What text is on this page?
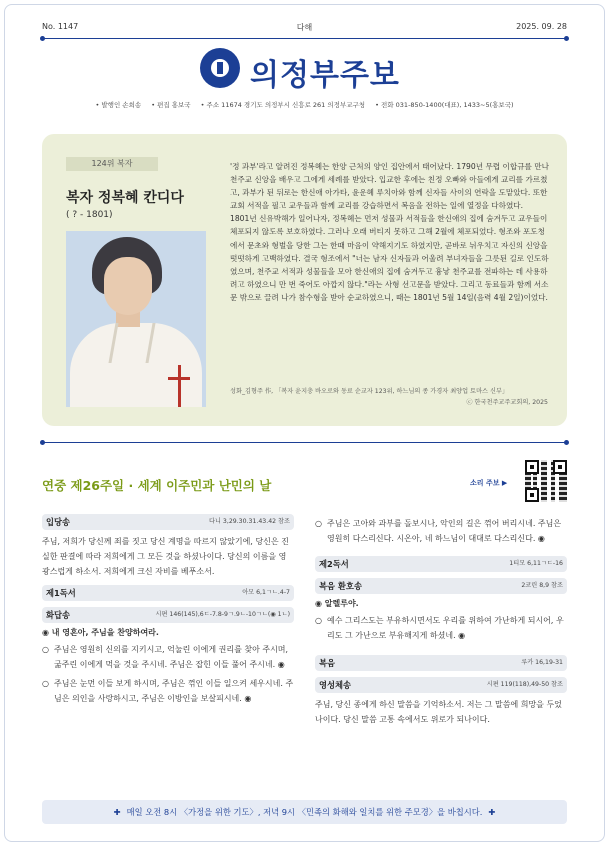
No. 1147	다해	2025. 09. 28
의정부주보
• 발행인 손희송 • 편집 홍보국 • 주소 11674 경기도 의정부시 신흥로 261 의정부교구청 • 전화 031-850-1400(대표), 1433~5(홍보국)
124위 복자
복자 정복혜 칸디다
( ? - 1801)

'정 과부'라고 알려진 정복혜는 한양 근처의 양인 집안에서 태어났다. 1790년 무렵 이합규를 만나 천주교 신앙을 배우고 그에게 세례를 받았다. 입교한 후에는 친정 오빠와 아들에게 교리를 가르쳤고, 과부가 된 뒤로는 한신애 아가타, 윤운혜 루치아와 함께 신자들 사이의 연락을 도맡았다. 또한 교회 서적을 필고 교우들과 함께 교리를 강습하면서 복음을 전하는 일에 열정을 다하였다.

1801년 신유박해가 일어나자, 정복혜는 먼저 성물과 서적들을 한신애의 집에 숨겨두고 교우들이 체포되지 않도록 보호하였다. 그러나 오래 버티지 못하고 그해 2월에 체포되었다. 형조와 포도청에서 문초와 형벌을 당한 그는 한때 마음이 약해지기도 하였지만, 곧바로 뉘우치고 자신의 신앙을 떳떳하게 고백하였다. 결국 형조에서 "너는 남자 신자들과 어울려 부녀자들을 그릇된 길로 인도하였으며, 천주교 서적과 성물들을 모아 한신애의 집에 숨겨두고 흉낳 천주교를 전파하는 데 사용하려고 하였으니 만 번 죽어도 아깝지 않다."라는 사형 선고문을 받았다. 그리고 동료들과 함께 서소문 밖으로 끌려 나가 참수형을 받아 순교하였으니, 때는 1801년 5월 14일(음력 4월 2일)이었다.

성화_김형주 作, 「복자 윤지충 바오로와 동료 순교자 123위, 하느님의 종 가경자 최양업 토마스 신부」
ⓒ 한국천주교주교회의, 2025
연중 제26주일 · 세계 이주민과 난민의 날	소리 주보 ▶
입당송	다니 3,29.30.31.43.42 참조
주님, 저희가 당신께 죄를 짓고 당신 계명을 따르지 않았기에, 당신은 진실한 판결에 따라 저희에게 그 모든 것을 하셨나이다. 당신의 이름을 영광스럽게 하소서. 저희에게 크신 자비를 베푸소서.
제1독서	아모 6,1ㄱㄴ.4-7
화답송	시편 146(145),6ㄷ-7.8-9ㄱ.9ㄴ-10ㄱㄴ(◉ 1ㄴ)
◉ 내 영혼아, 주님을 찬양하여라.
○ 주님은 영원히 신의를 지키시고, 억눌린 이에게 권리를 찾아 주시며, 굶주린 이에게 먹을 것을 주시네. 주님은 잡힌 이들 풀어 주시네. ◉
○ 주님은 눈먼 이들 보게 하시며, 주님은 꺾인 이들 일으켜 세우시네. 주님은 의인을 사랑하시고, 주님은 이방인을 보살피시네. ◉
○ 주님은 고아와 과부를 돌보시나, 악인의 길은 꺾어 버리시네. 주님은 영원히 다스리신다. 시온아, 네 하느님이 대대로 다스리신다. ◉
제2독서	1티모 6,11ㄱㄷ-16
복음 환호송	2코린 8,9 참조
◉ 알렐루야.
○ 예수 그리스도는 부유하시면서도 우리를 위하여 가난하게 되시어, 우리도 그 가난으로 부유해지게 하셨네. ◉
복음	루카 16,19-31
영성체송	시편 119(118),49-50 참조
주님, 당신 종에게 하신 말씀을 기억하소서. 저는 그 말씀에 희망을 두었나이다. 당신 말씀 고통 속에서도 위로가 되나이다.
✚ 매일 오전 8시 〈가정을 위한 기도〉, 저녁 9시 〈민족의 화해와 일치를 위한 주모경〉을 바칩시다. ✚
